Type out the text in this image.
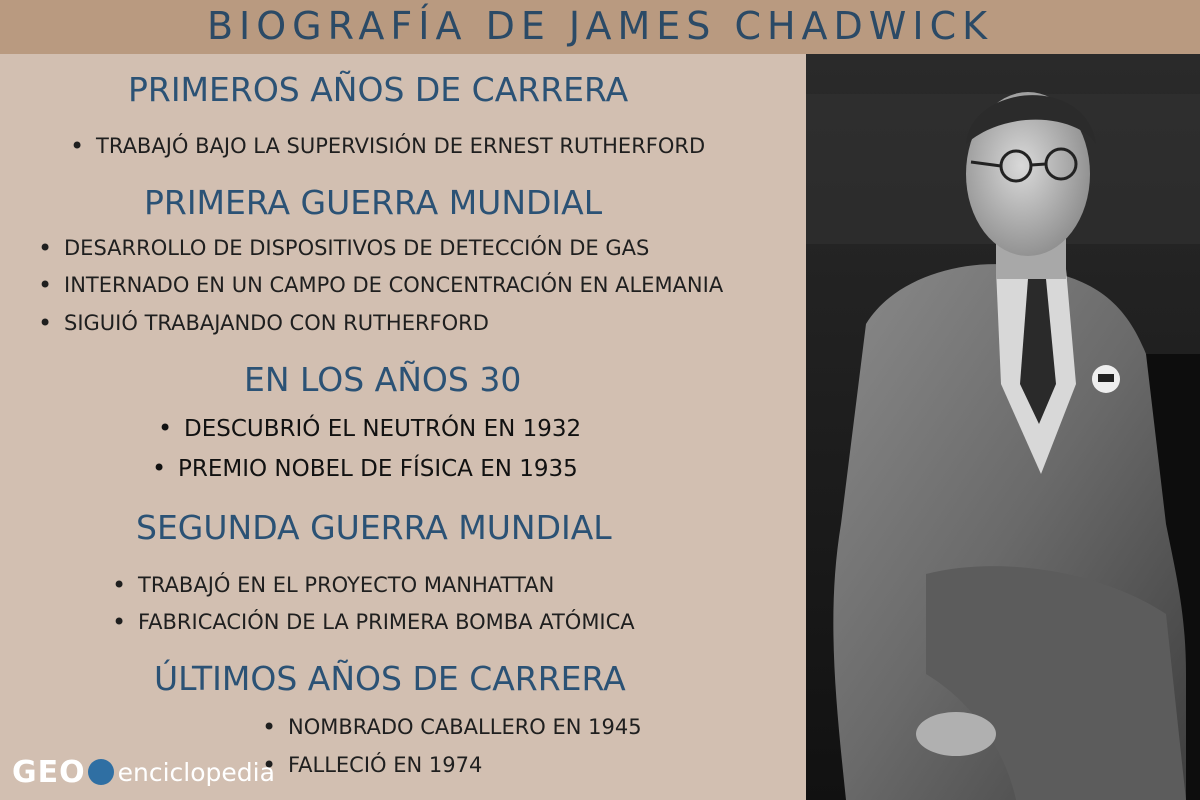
BIOGRAFÍA DE JAMES CHADWICK
PRIMEROS AÑOS DE CARRERA
• TRABAJÓ BAJO LA SUPERVISIÓN DE ERNEST RUTHERFORD
PRIMERA GUERRA MUNDIAL
• DESARROLLO DE DISPOSITIVOS DE DETECCIÓN DE GAS
• INTERNADO EN UN CAMPO DE CONCENTRACIÓN EN ALEMANIA
• SIGUIÓ TRABAJANDO CON RUTHERFORD
EN LOS AÑOS 30
• DESCUBRIÓ EL NEUTRÓN EN 1932
• PREMIO NOBEL DE FÍSICA EN 1935
SEGUNDA GUERRA MUNDIAL
• TRABAJÓ EN EL PROYECTO MANHATTAN
• FABRICACIÓN DE LA PRIMERA BOMBA ATÓMICA
ÚLTIMOS AÑOS DE CARRERA
• NOMBRADO CABALLERO EN 1945
• FALLECIÓ EN 1974
GEO enciclopedia
